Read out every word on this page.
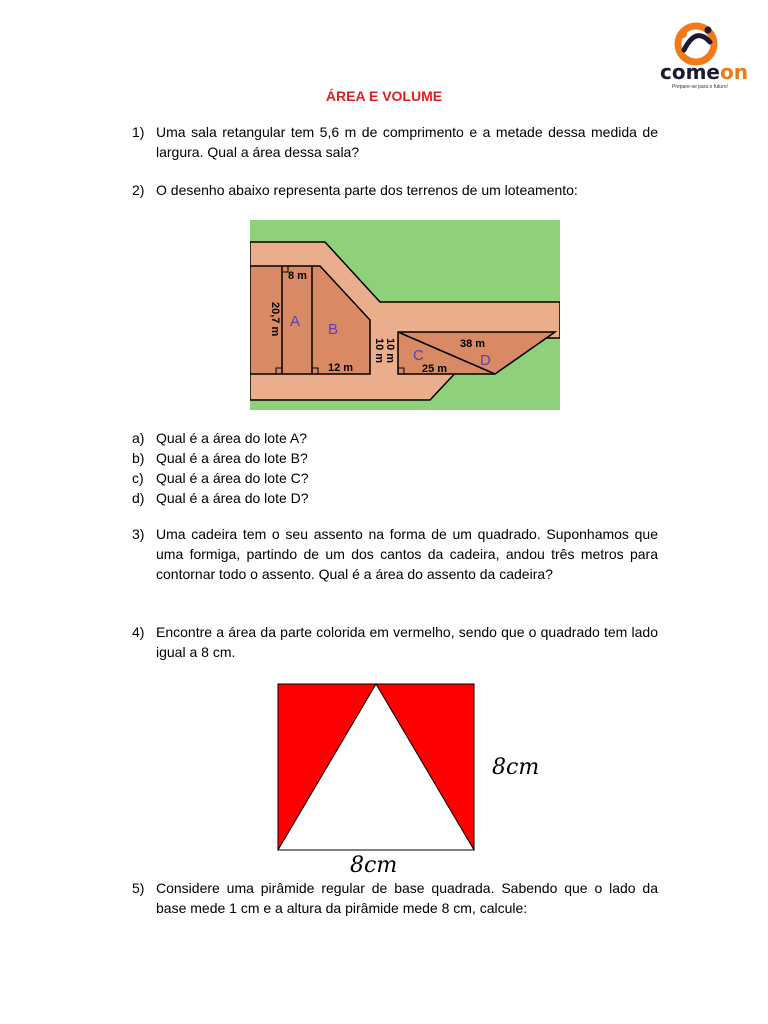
comeon
Prepare-se para o futuro!
ÁREA E VOLUME
1) Uma sala retangular tem 5,6 m de comprimento e a metade dessa medida de largura. Qual a área dessa sala?
2) O desenho abaixo representa parte dos terrenos de um loteamento:
8 m
20,7 m
12 m
10 m 10 m	38 m
25 m
A B
C	D
a) Qual é a área do lote A?
b) Qual é a área do lote B?
c) Qual é a área do lote C?
d) Qual é a área do lote D?
3) Uma cadeira tem o seu assento na forma de um quadrado. Suponhamos que uma formiga, partindo de um dos cantos da cadeira, andou três metros para contornar todo o assento. Qual é a área do assento da cadeira?
4) Encontre a área da parte colorida em vermelho, sendo que o quadrado tem lado igual a 8 cm.
8cm
8cm
5) Considere uma pirâmide regular de base quadrada. Sabendo que o lado da base mede 1 cm e a altura da pirâmide mede 8 cm, calcule:
